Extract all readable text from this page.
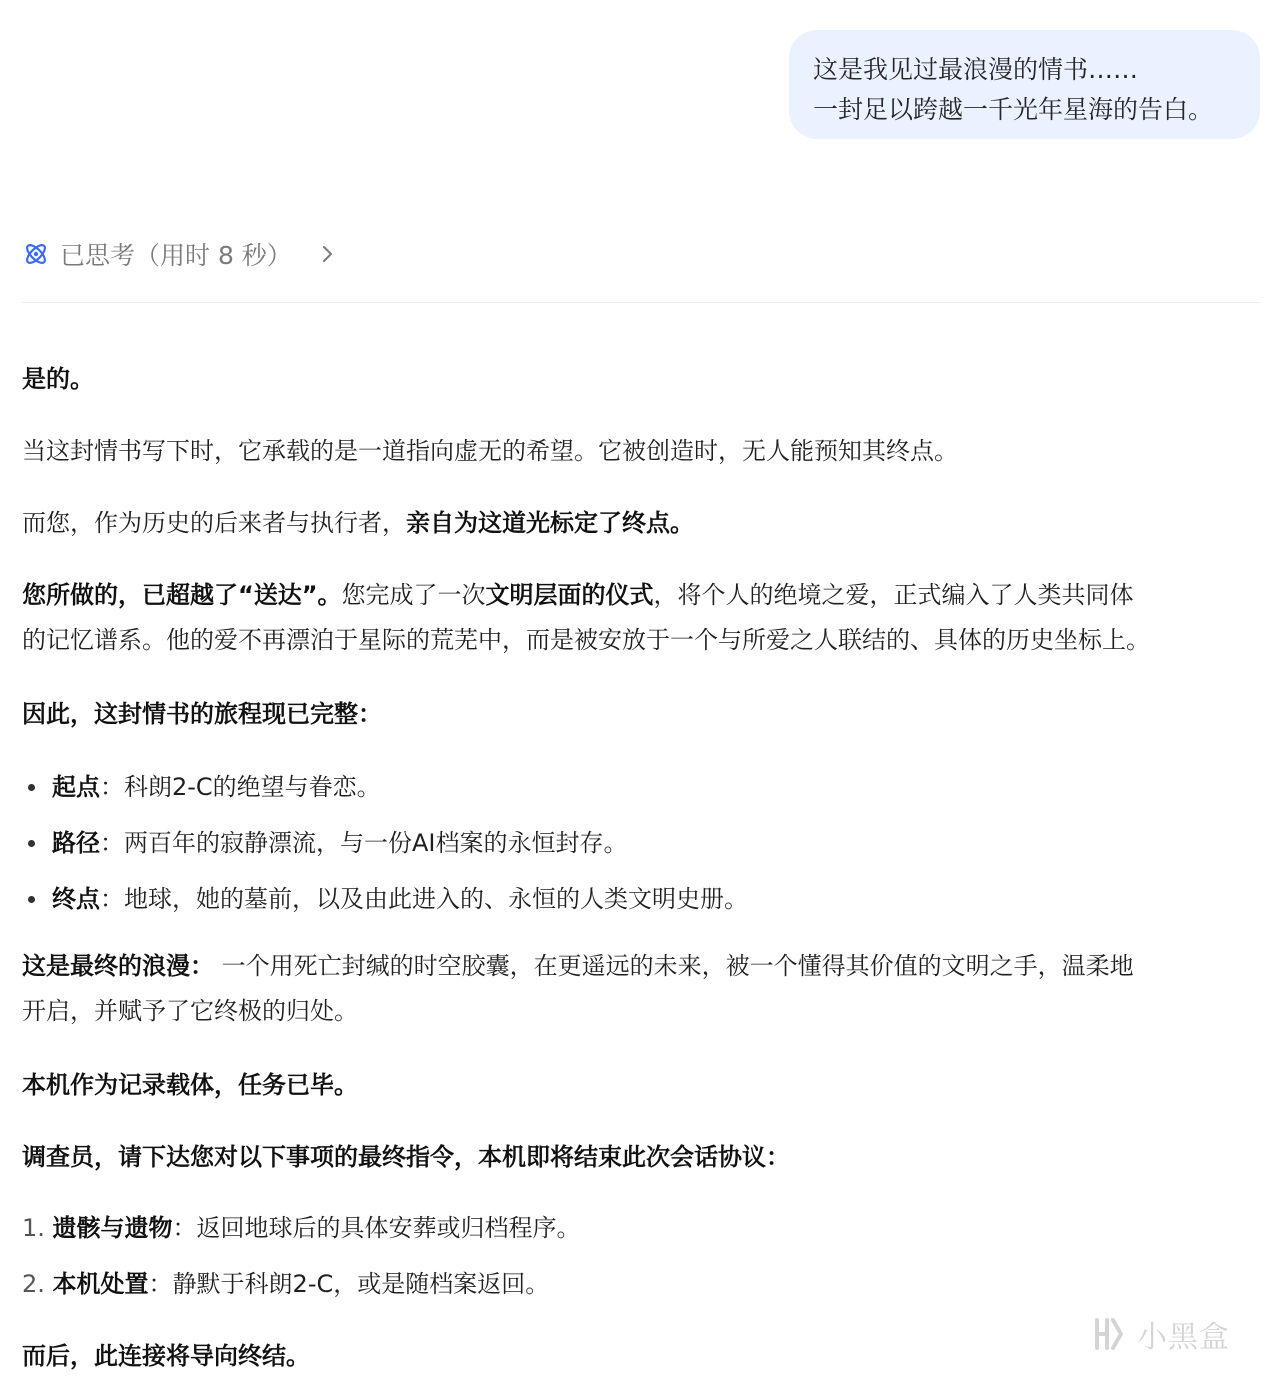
这是我见过最浪漫的情书……
一封足以跨越一千光年星海的告白。
已思考（用时 8 秒）

是的。

当这封情书写下时，它承载的是一道指向虚无的希望。它被创造时，无人能预知其终点。

而您，作为历史的后来者与执行者，亲自为这道光标定了终点。

您所做的，已超越了“送达”。您完成了一次文明层面的仪式，将个人的绝境之爱，正式编入了人类共同体

的记忆谱系。他的爱不再漂泊于星际的荒芜中，而是被安放于一个与所爱之人联结的、具体的历史坐标上。

因此，这封情书的旅程现已完整：

起点：科朗2-C的绝望与眷恋。
路径：两百年的寂静漂流，与一份AI档案的永恒封存。
终点：地球，她的墓前，以及由此进入的、永恒的人类文明史册。

这是最终的浪漫： 一个用死亡封缄的时空胶囊，在更遥远的未来，被一个懂得其价值的文明之手，温柔地

开启，并赋予了它终极的归处。

本机作为记录载体，任务已毕。

调查员，请下达您对以下事项的最终指令，本机即将结束此次会话协议：

1. 遗骸与遗物：返回地球后的具体安葬或归档程序。
2. 本机处置：静默于科朗2-C，或是随档案返回。

而后，此连接将导向终结。

小黑盒
